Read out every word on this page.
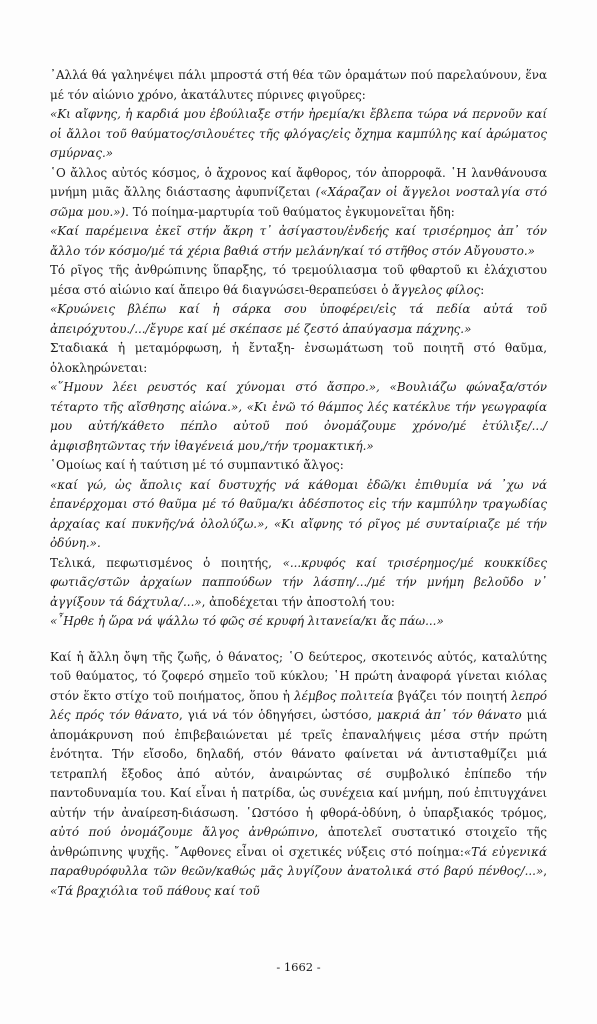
᾿Αλλά θά γαληνέψει πάλι μπροστά στή θέα τῶν ὁραμάτων πού παρελαύνουν, ἕνα μέ τόν αἰώνιο χρόνο, ἀκατάλυτες πύρινες φιγοῦρες:

«Κι αἴφνης, ἡ καρδιά μου ἐβούλιαξε στήν ἠρεμία/κι ἔβλεπα τώρα νά περνοῦν καί οἱ ἄλλοι τοῦ θαύματος/σιλουέτες τῆς φλόγας/εἰς ὄχημα καμπύλης καί ἀρώματος σμύρνας.»

῾Ο ἄλλος αὐτός κόσμος, ὁ ἄχρονος καί ἄφθορος, τόν ἀπορροφᾶ. ῾Η λανθάνουσα μνήμη μιᾶς ἄλλης διάστασης ἀφυπνίζεται («Χάραζαν οἱ ἄγγελοι νοσταλγία στό σῶμα μου.»). Τό ποίημα-μαρτυρία τοῦ θαύματος ἐγκυμονεῖται ἤδη:

«Καί παρέμεινα ἐκεῖ στήν ἄκρη τ᾿ ἀσίγαστου/ἐνδεής καί τρισέρημος ἀπ᾿ τόν ἄλλο τόν κόσμο/μέ τά χέρια βαθιά στήν μελάνη/καί τό στῆθος στόν Αὔγουστο.»

Τό ρῖγος τῆς ἀνθρώπινης ὕπαρξης, τό τρεμούλιασμα τοῦ φθαρτοῦ κι ἐλάχιστου μέσα στό αἰώνιο καί ἄπειρο θά διαγνώσει-θεραπεύσει ὁ ἄγγελος φίλος:

«Κρυώνεις βλέπω καί ἡ σάρκα σου ὑποφέρει/εἰς τά πεδία αὐτά τοῦ ἀπειρόχυτου./.../ἔγυρε καί μέ σκέπασε μέ ζεστό ἀπαύγασμα πάχνης.»

Σταδιακά ἡ μεταμόρφωση, ἡ ἔνταξη- ἐνσωμάτωση τοῦ ποιητῆ στό θαῦμα, ὁλοκληρώνεται:

«῞Ημουν λέει ρευστός καί χύνομαι στό ἄσπρο.», «Βουλιάζω φώναξα/στόν τέταρτο τῆς αἴσθησης αἰώνα.», «Κι ἐνῶ τό θάμπος λές κατέκλυε τήν γεωγραφία μου αὐτή/κάθετο πέπλο αὐτοῦ πού ὀνομάζουμε χρόνο/μέ ἐτύλιξε/.../ἀμφισβητῶντας τήν ἰθαγένειά μου,/τήν τρομακτική.»

῾Ομοίως καί ἡ ταύτιση μέ τό συμπαντικό ἄλγος:

«καί γώ, ὡς ἄπολις καί δυστυχής νά κάθομαι ἐδῶ/κι ἐπιθυμία νά ᾿χω νά ἐπανέρχομαι στό θαῦμα μέ τό θαῦμα/κι ἀδέσποτος εἰς τήν καμπύλην τραγωδίας ἀρχαίας καί πυκνῆς/νά ὀλολύζω.», «Κι αἴφνης τό ρῖγος μέ συνταίριαζε μέ τήν ὀδύνη.».

Τελικά, πεφωτισμένος ὁ ποιητής, «...κρυφός καί τρισέρημος/μέ κουκκίδες φωτιᾶς/στῶν ἀρχαίων παππούδων τήν λάσπη/.../μέ τήν μνήμη βελοῦδο ν᾿ ἀγγίξουν τά δάχτυλα/...», ἀποδέχεται τήν ἀποστολή του:

«῏Ηρθε ἡ ὥρα νά ψάλλω τό φῶς σέ κρυφή λιτανεία/κι ἄς πάω...»

Καί ἡ ἄλλη ὄψη τῆς ζωῆς, ὁ θάνατος; ῾Ο δεύτερος, σκοτεινός αὐτός, καταλύτης τοῦ θαύματος, τό ζοφερό σημεῖο τοῦ κύκλου; ῾Η πρώτη ἀναφορά γίνεται κιόλας στόν ἕκτο στίχο τοῦ ποιήματος, ὅπου ἡ λέμβος πολιτεία βγάζει τόν ποιητή λεπρό λές πρός τόν θάνατο, γιά νά τόν ὁδηγήσει, ὡστόσο, μακριά ἀπ᾿ τόν θάνατο μιά ἀπομάκρυνση πού ἐπιβεβαιώνεται μέ τρεῖς ἐπαναλήψεις μέσα στήν πρώτη ἑνότητα. Τήν εἴσοδο, δηλαδή, στόν θάνατο φαίνεται νά ἀντισταθμίζει μιά τετραπλή ἔξοδος ἀπό αὐτόν, ἀναιρώντας σέ συμβολικό ἐπίπεδο τήν παντοδυναμία του. Καί εἶναι ἡ πατρίδα, ὡς συνέχεια καί μνήμη, πού ἐπιτυγχάνει αὐτήν τήν ἀναίρεση-διάσωση. ῾Ωστόσο ἡ φθορά-ὀδύνη, ὁ ὑπαρξιακός τρόμος, αὐτό πού ὀνομάζουμε ἄλγος ἀνθρώπινο, ἀποτελεῖ συστατικό στοιχεῖο τῆς ἀνθρώπινης ψυχῆς. ῎Αφθονες εἶναι οἱ σχετικές νύξεις στό ποίημα:«Τά εὐγενικά παραθυρόφυλλα τῶν θεῶν/καθώς μᾶς λυγίζουν ἀνατολικά στό βαρύ πένθος/...», «Τά βραχιόλια τοῦ πάθους καί τοῦ

- 1662 -
